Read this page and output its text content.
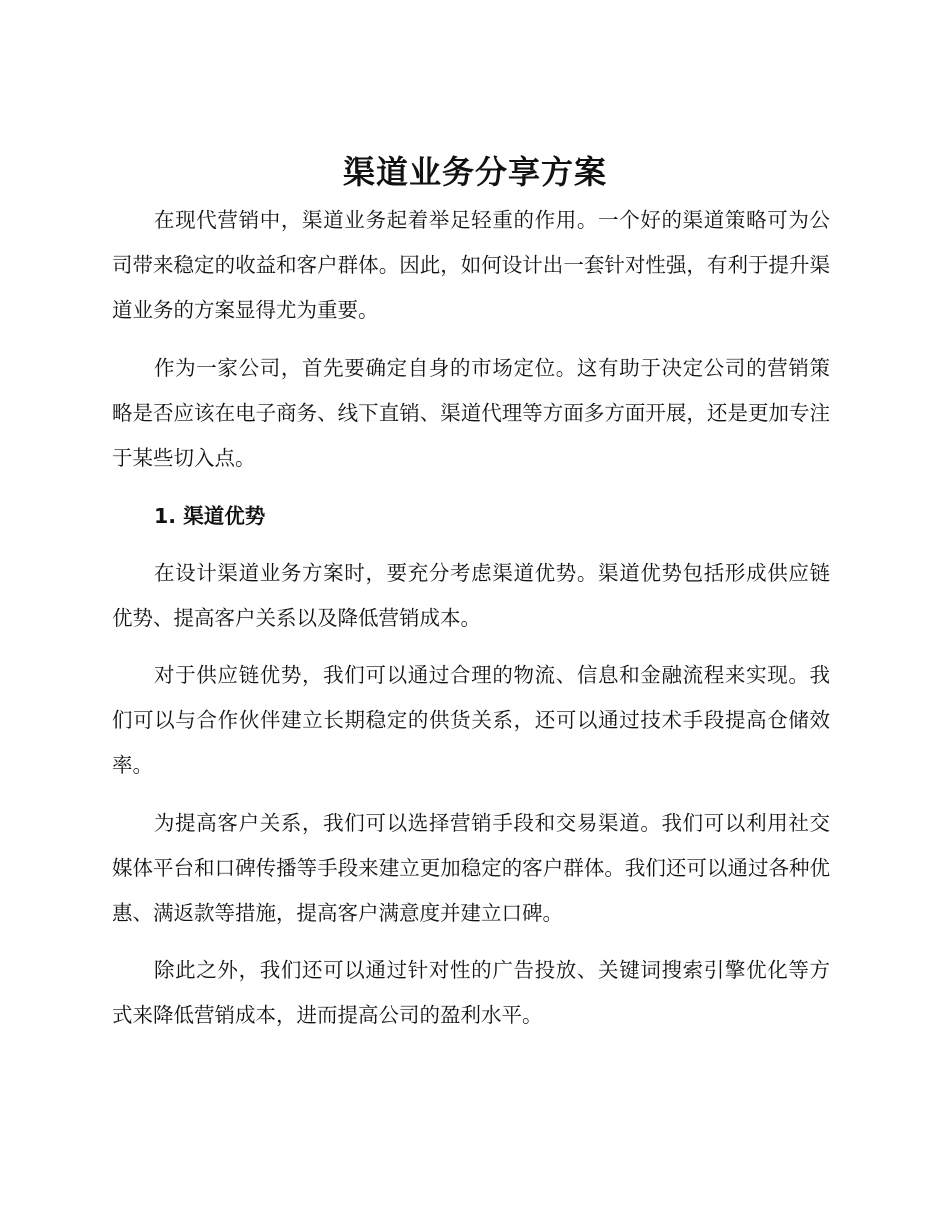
渠道业务分享方案

在现代营销中，渠道业务起着举足轻重的作用。一个好的渠道策略可为公司带来稳定的收益和客户群体。因此，如何设计出一套针对性强，有利于提升渠道业务的方案显得尤为重要。

作为一家公司，首先要确定自身的市场定位。这有助于决定公司的营销策略是否应该在电子商务、线下直销、渠道代理等方面多方面开展，还是更加专注于某些切入点。

1. 渠道优势

在设计渠道业务方案时，要充分考虑渠道优势。渠道优势包括形成供应链优势、提高客户关系以及降低营销成本。

对于供应链优势，我们可以通过合理的物流、信息和金融流程来实现。我们可以与合作伙伴建立长期稳定的供货关系，还可以通过技术手段提高仓储效率。

为提高客户关系，我们可以选择营销手段和交易渠道。我们可以利用社交媒体平台和口碑传播等手段来建立更加稳定的客户群体。我们还可以通过各种优惠、满返款等措施，提高客户满意度并建立口碑。

除此之外，我们还可以通过针对性的广告投放、关键词搜索引擎优化等方式来降低营销成本，进而提高公司的盈利水平。
